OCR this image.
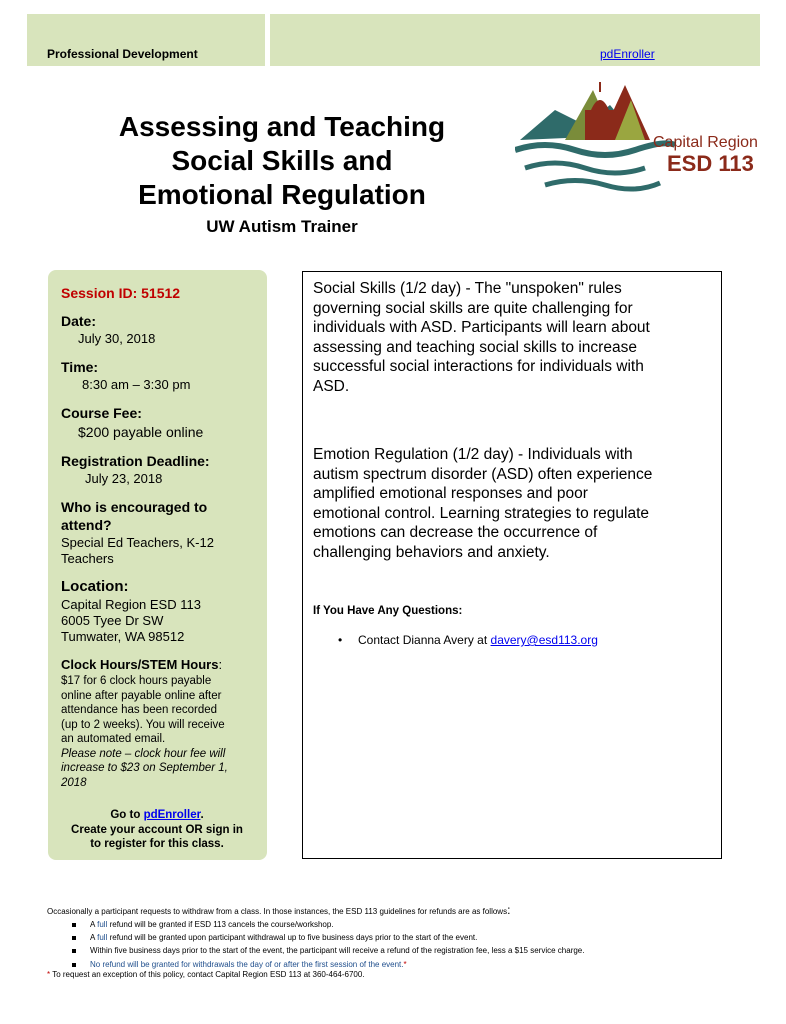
Professional Development	pdEnroller
Assessing and Teaching
Social Skills and
Emotional Regulation
UW Autism Trainer
Capital Region
ESD 113
Session ID: 51512
Date:
July 30, 2018
Time:
8:30 am – 3:30 pm
Course Fee:
$200 payable online
Registration Deadline:
July 23, 2018
Who is encouraged to
attend?
Special Ed Teachers, K-12
Teachers
Location:
Capital Region ESD 113
6005 Tyee Dr SW
Tumwater, WA 98512
Clock Hours/STEM Hours:
$17 for 6 clock hours payable
online after payable online after
attendance has been recorded
(up to 2 weeks). You will receive
an automated email.
Please note – clock hour fee will
increase to $23 on September 1,
2018
Go to pdEnroller.
Create your account OR sign in
to register for this class.
Social Skills (1/2 day) - The "unspoken" rules
governing social skills are quite challenging for
individuals with ASD. Participants will learn about
assessing and teaching social skills to increase
successful social interactions for individuals with
ASD.
Emotion Regulation (1/2 day) - Individuals with
autism spectrum disorder (ASD) often experience
amplified emotional responses and poor
emotional control. Learning strategies to regulate
emotions can decrease the occurrence of
challenging behaviors and anxiety.
If You Have Any Questions:
• Contact Dianna Avery at davery@esd113.org
Occasionally a participant requests to withdraw from a class. In those instances, the ESD 113 guidelines for refunds are as follows:
A full refund will be granted if ESD 113 cancels the course/workshop.
A full refund will be granted upon participant withdrawal up to five business days prior to the start of the event.
Within five business days prior to the start of the event, the participant will receive a refund of the registration fee, less a $15 service charge.
No refund will be granted for withdrawals the day of or after the first session of the event.*
* To request an exception of this policy, contact Capital Region ESD 113 at 360-464-6700.
